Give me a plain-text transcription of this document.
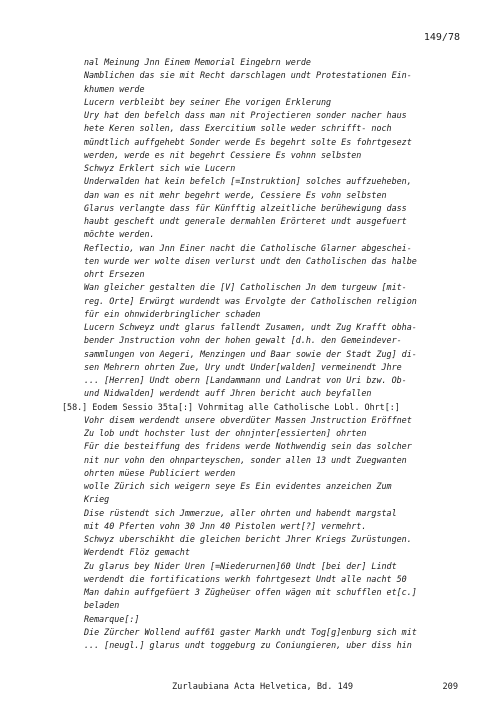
149/78
nal Meinung Jnn Einem Memorial Eingebrn werde
Namblichen das sie mit Recht darschlagen undt Protestationen Ein-
khumen werde
Lucern verbleibt bey seiner Ehe vorigen Erklerung
Ury hat den befelch dass man nit Projectieren sonder nacher haus
hete Keren sollen, dass Exercitium solle weder schrifft- noch
mündtlich auffgehebt Sonder werde Es begehrt solte Es fohrtgesezt
werden, werde es nit begehrt Cessiere Es vohnn selbsten
Schwyz Erklert sich wie Lucern
Underwalden hat kein befelch [=Instruktion] solches auffzueheben,
dan wan es nit mehr begehrt werde, Cessiere Es vohn selbsten
Glarus verlangte dass für Künfftig alzeitliche berühewigung dass
haubt gescheft undt generale dermahlen Erörteret undt ausgefuert
möchte werden.
Reflectio, wan Jnn Einer nacht die Catholische Glarner abgeschei-
ten wurde wer wolte disen verlurst undt den Catholischen das halbe
ohrt Ersezen
Wan gleicher gestalten die [V] Catholischen Jn dem turgeuw [mit-
reg. Orte] Erwürgt wurdendt was Ervolgte der Catholischen religion
für ein ohnwiderbringlicher schaden
Lucern Schweyz undt glarus fallendt Zusamen, undt Zug Krafft obha-
bender Jnstruction vohn der hohen gewalt [d.h. den Gemeindever-
sammlungen von Aegeri, Menzingen und Baar sowie der Stadt Zug] di-
sen Mehrern ohrten Zue, Ury undt Under[walden] vermeinendt Jhre
... [Herren] Undt obern [Landammann und Landrat von Uri bzw. Ob-
und Nidwalden] werdendt auff Jhren bericht auch beyfallen
[58.] Eodem Sessio 35ta[:] Vohrmitag alle Catholische Lobl. Ohrt[:]
Vohr disem werdendt unsere obverdüter Massen Jnstruction Eröffnet
Zu lob undt hochster lust der ohnjnter[essierten] ohrten
Für die besteiffung des fridens werde Nothwendig sein das solcher
nit nur vohn den ohnparteyschen, sonder allen 13 undt Zuegwanten
ohrten müese Publiciert werden
wolle Zürich sich weigern seye Es Ein evidentes anzeichen Zum
Krieg
Dise rüstendt sich Jmmerzue, aller ohrten und habendt margstal
mit 40 Pferten vohn 30 Jnn 40 Pistolen wert[?] vermehrt.
Schwyz uberschikht die gleichen bericht Jhrer Kriegs Zurüstungen.
Werdendt Flöz gemacht
Zu glarus bey Nider Uren [=Niederurnen]60 Undt [bei der] Lindt
werdendt die fortifications werkh fohrtgesezt Undt alle nacht 50
Man dahin auffgefüert 3 Züghеüser offen wägen mit schufflen et[c.]
beladen
Remarque[:]
Die Zürcher Wollend auff61 gaster Markh undt Tog[g]enburg sich mit
... [neugl.] glarus undt toggeburg zu Coniungieren, uber diss hin
Zurlaubiana Acta Helvetica, Bd. 149	209
